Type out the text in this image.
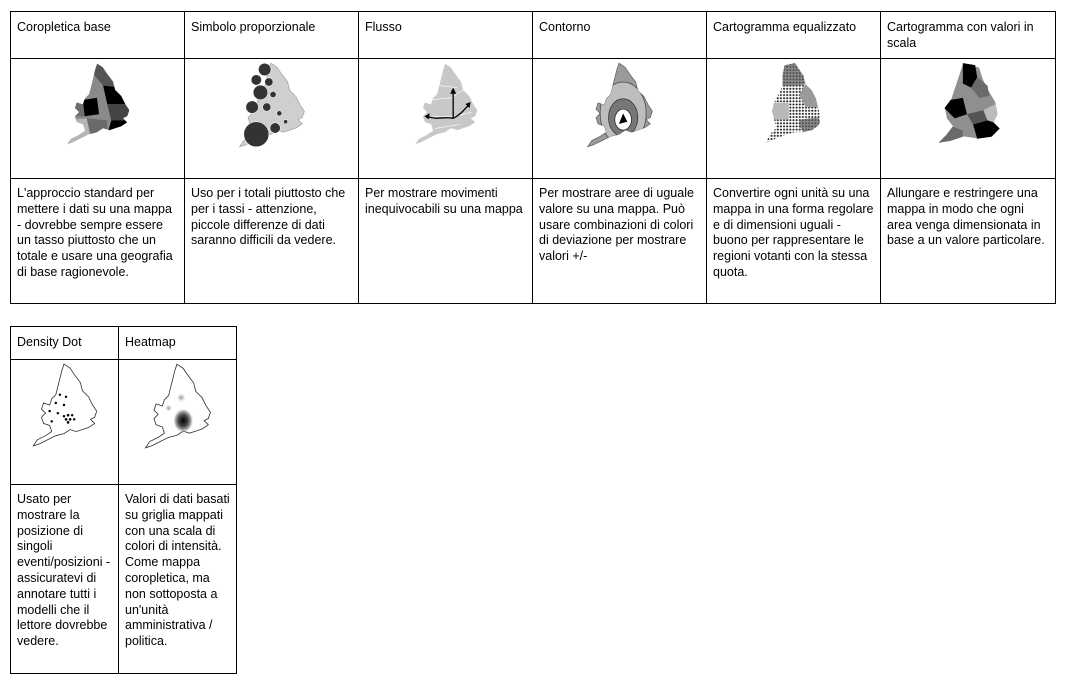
Coropletica base	Simbolo proporzionale	Flusso	Contorno	Cartogramma equalizzato	Cartogramma con valori in scala

L'approccio standard per mettere i dati su una mappa - dovrebbe sempre essere un tasso piuttosto che un totale e usare una geografia di base ragionevole.	Uso per i totali piuttosto che per i tassi - attenzione, piccole differenze di dati saranno difficili da vedere.	Per mostrare movimenti inequivocabili su una mappa	Per mostrare aree di uguale valore su una mappa. Può usare combinazioni di colori di deviazione per mostrare valori +/-	Convertire ogni unità su una mappa in una forma regolare e di dimensioni uguali - buono per rappresentare le regioni votanti con la stessa quota.	Allungare e restringere una mappa in modo che ogni area venga dimensionata in base a un valore particolare.
Density Dot	Heatmap

Usato per mostrare la posizione di singoli eventi/posizioni - assicuratevi di annotare tutti i modelli che il lettore dovrebbe vedere.	Valori di dati basati su griglia mappati con una scala di colori di intensità. Come mappa coropletica, ma non sottoposta a un'unità amministrativa / politica.
